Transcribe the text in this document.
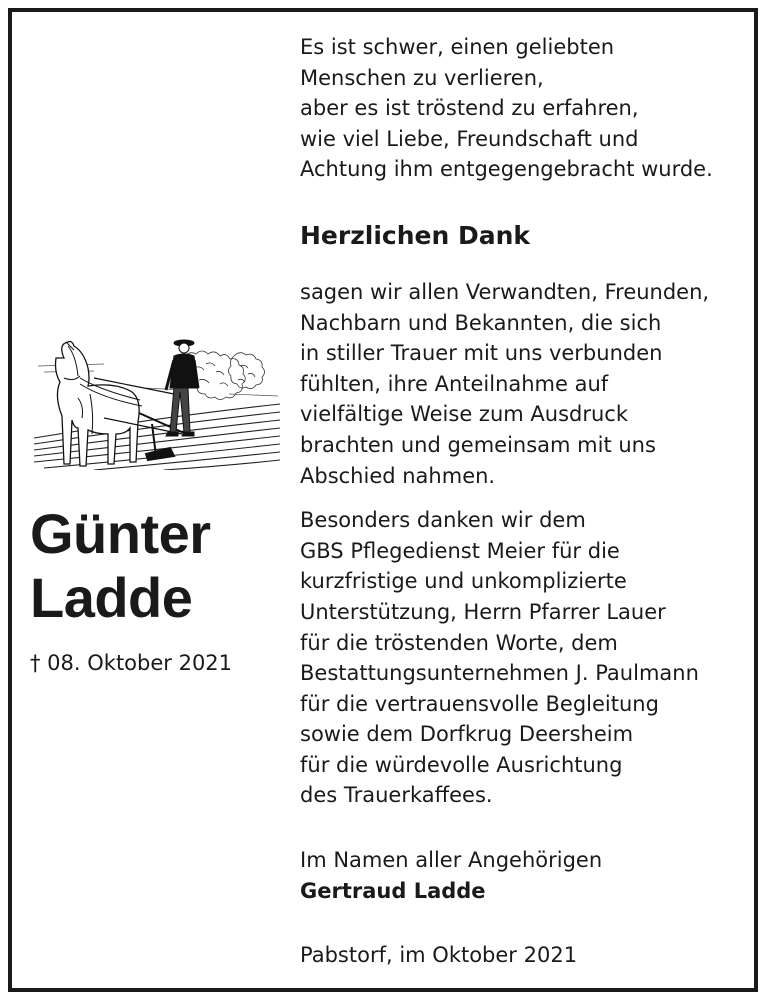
Günter
Ladde
† 08. Oktober 2021
Es ist schwer, einen geliebten
Menschen zu verlieren,
aber es ist tröstend zu erfahren,
wie viel Liebe, Freundschaft und
Achtung ihm entgegengebracht wurde.
Herzlichen Dank
sagen wir allen Verwandten, Freunden,
Nachbarn und Bekannten, die sich
in stiller Trauer mit uns verbunden
fühlten, ihre Anteilnahme auf
vielfältige Weise zum Ausdruck
brachten und gemeinsam mit uns
Abschied nahmen.
Besonders danken wir dem
GBS Pflegedienst Meier für die
kurzfristige und unkomplizierte
Unterstützung, Herrn Pfarrer Lauer
für die tröstenden Worte, dem
Bestattungsunternehmen J. Paulmann
für die vertrauensvolle Begleitung
sowie dem Dorfkrug Deersheim
für die würdevolle Ausrichtung
des Trauerkaffees.
Im Namen aller Angehörigen
Gertraud Ladde
Pabstorf, im Oktober 2021
